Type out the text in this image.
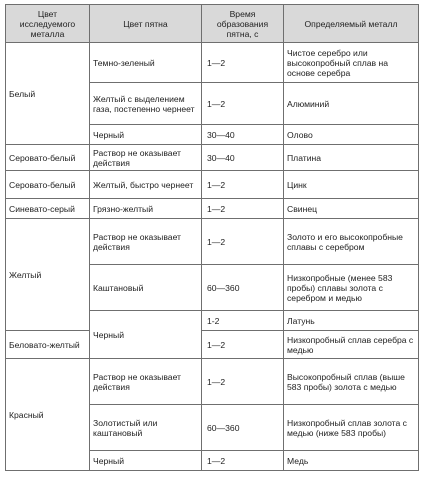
Цвет исследуемого металла	Цвет пятна	Время образования пятна, с	Определяемый металл
Белый	Темно-зеленый	1—2	Чистое серебро или высокопробный сплав на основе серебра
	Желтый с выделением газа, постепенно чернеет	1—2	Алюминий
	Черный	30—40	Олово
Серовато-белый	Раствор не оказывает действия	30—40	Платина
Серовато-белый	Желтый, быстро чернеет	1—2	Цинк
Синевато-серый	Грязно-желтый	1—2	Свинец
Желтый	Раствор не оказывает действия	1—2	Золото и его высокопробные сплавы с серебром
	Каштановый	60—360	Низкопробные (менее 583 пробы) сплавы золота с серебром и медью
	Черный	1-2	Латунь
Беловато-желтый		1—2	Низкопробный сплав серебра с медью
Красный	Раствор не оказывает действия	1—2	Высокопробный сплав (выше 583 пробы) золота с медью
	Золотистый или каштановый	60—360	Низкопробный сплав золота с медью (ниже 583 пробы)
	Черный	1—2	Медь
